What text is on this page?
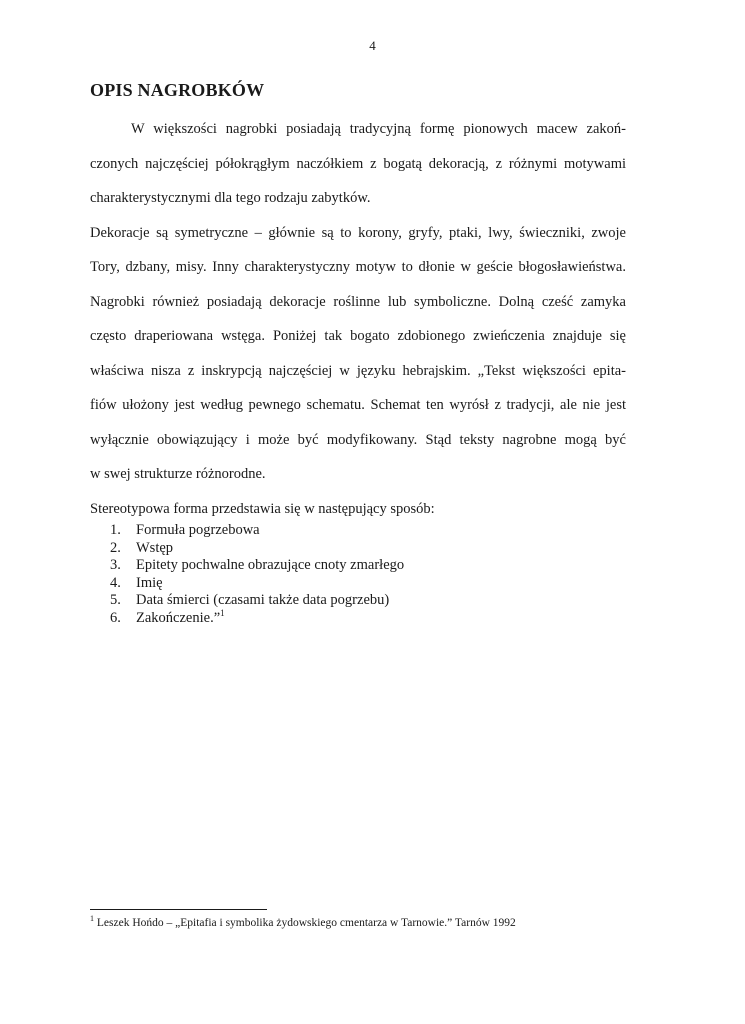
4
OPIS NAGROBKÓW
W większości nagrobki posiadają tradycyjną formę pionowych macew zakoń-
czonych najczęściej półokrągłym naczółkiem z bogatą dekoracją, z różnymi motywami
charakterystycznymi dla tego rodzaju zabytków.
Dekoracje są symetryczne – głównie są to korony, gryfy, ptaki, lwy, świeczniki, zwoje
Tory, dzbany, misy. Inny charakterystyczny motyw to dłonie w geście błogosławieństwa.
Nagrobki również posiadają dekoracje roślinne lub symboliczne. Dolną cześć zamyka
często draperiowana wstęga. Poniżej tak bogato zdobionego zwieńczenia znajduje się
właściwa nisza z inskrypcją najczęściej w języku hebrajskim. „Tekst większości epita-
fiów ułożony jest według pewnego schematu. Schemat ten wyrósł z tradycji, ale nie jest
wyłącznie obowiązujący i może być modyfikowany. Stąd teksty nagrobne mogą być
w swej strukturze różnorodne.
Stereotypowa forma przedstawia się w następujący sposób:
1.	Formuła pogrzebowa
2.	Wstęp
3.	Epitety pochwalne obrazujące cnoty zmarłego
4.	Imię
5.	Data śmierci (czasami także data pogrzebu)
6.	Zakończenie.”$^1$
$^1$ Leszek Hońdo – „Epitafia i symbolika żydowskiego cmentarza w Tarnowie.” Tarnów 1992
